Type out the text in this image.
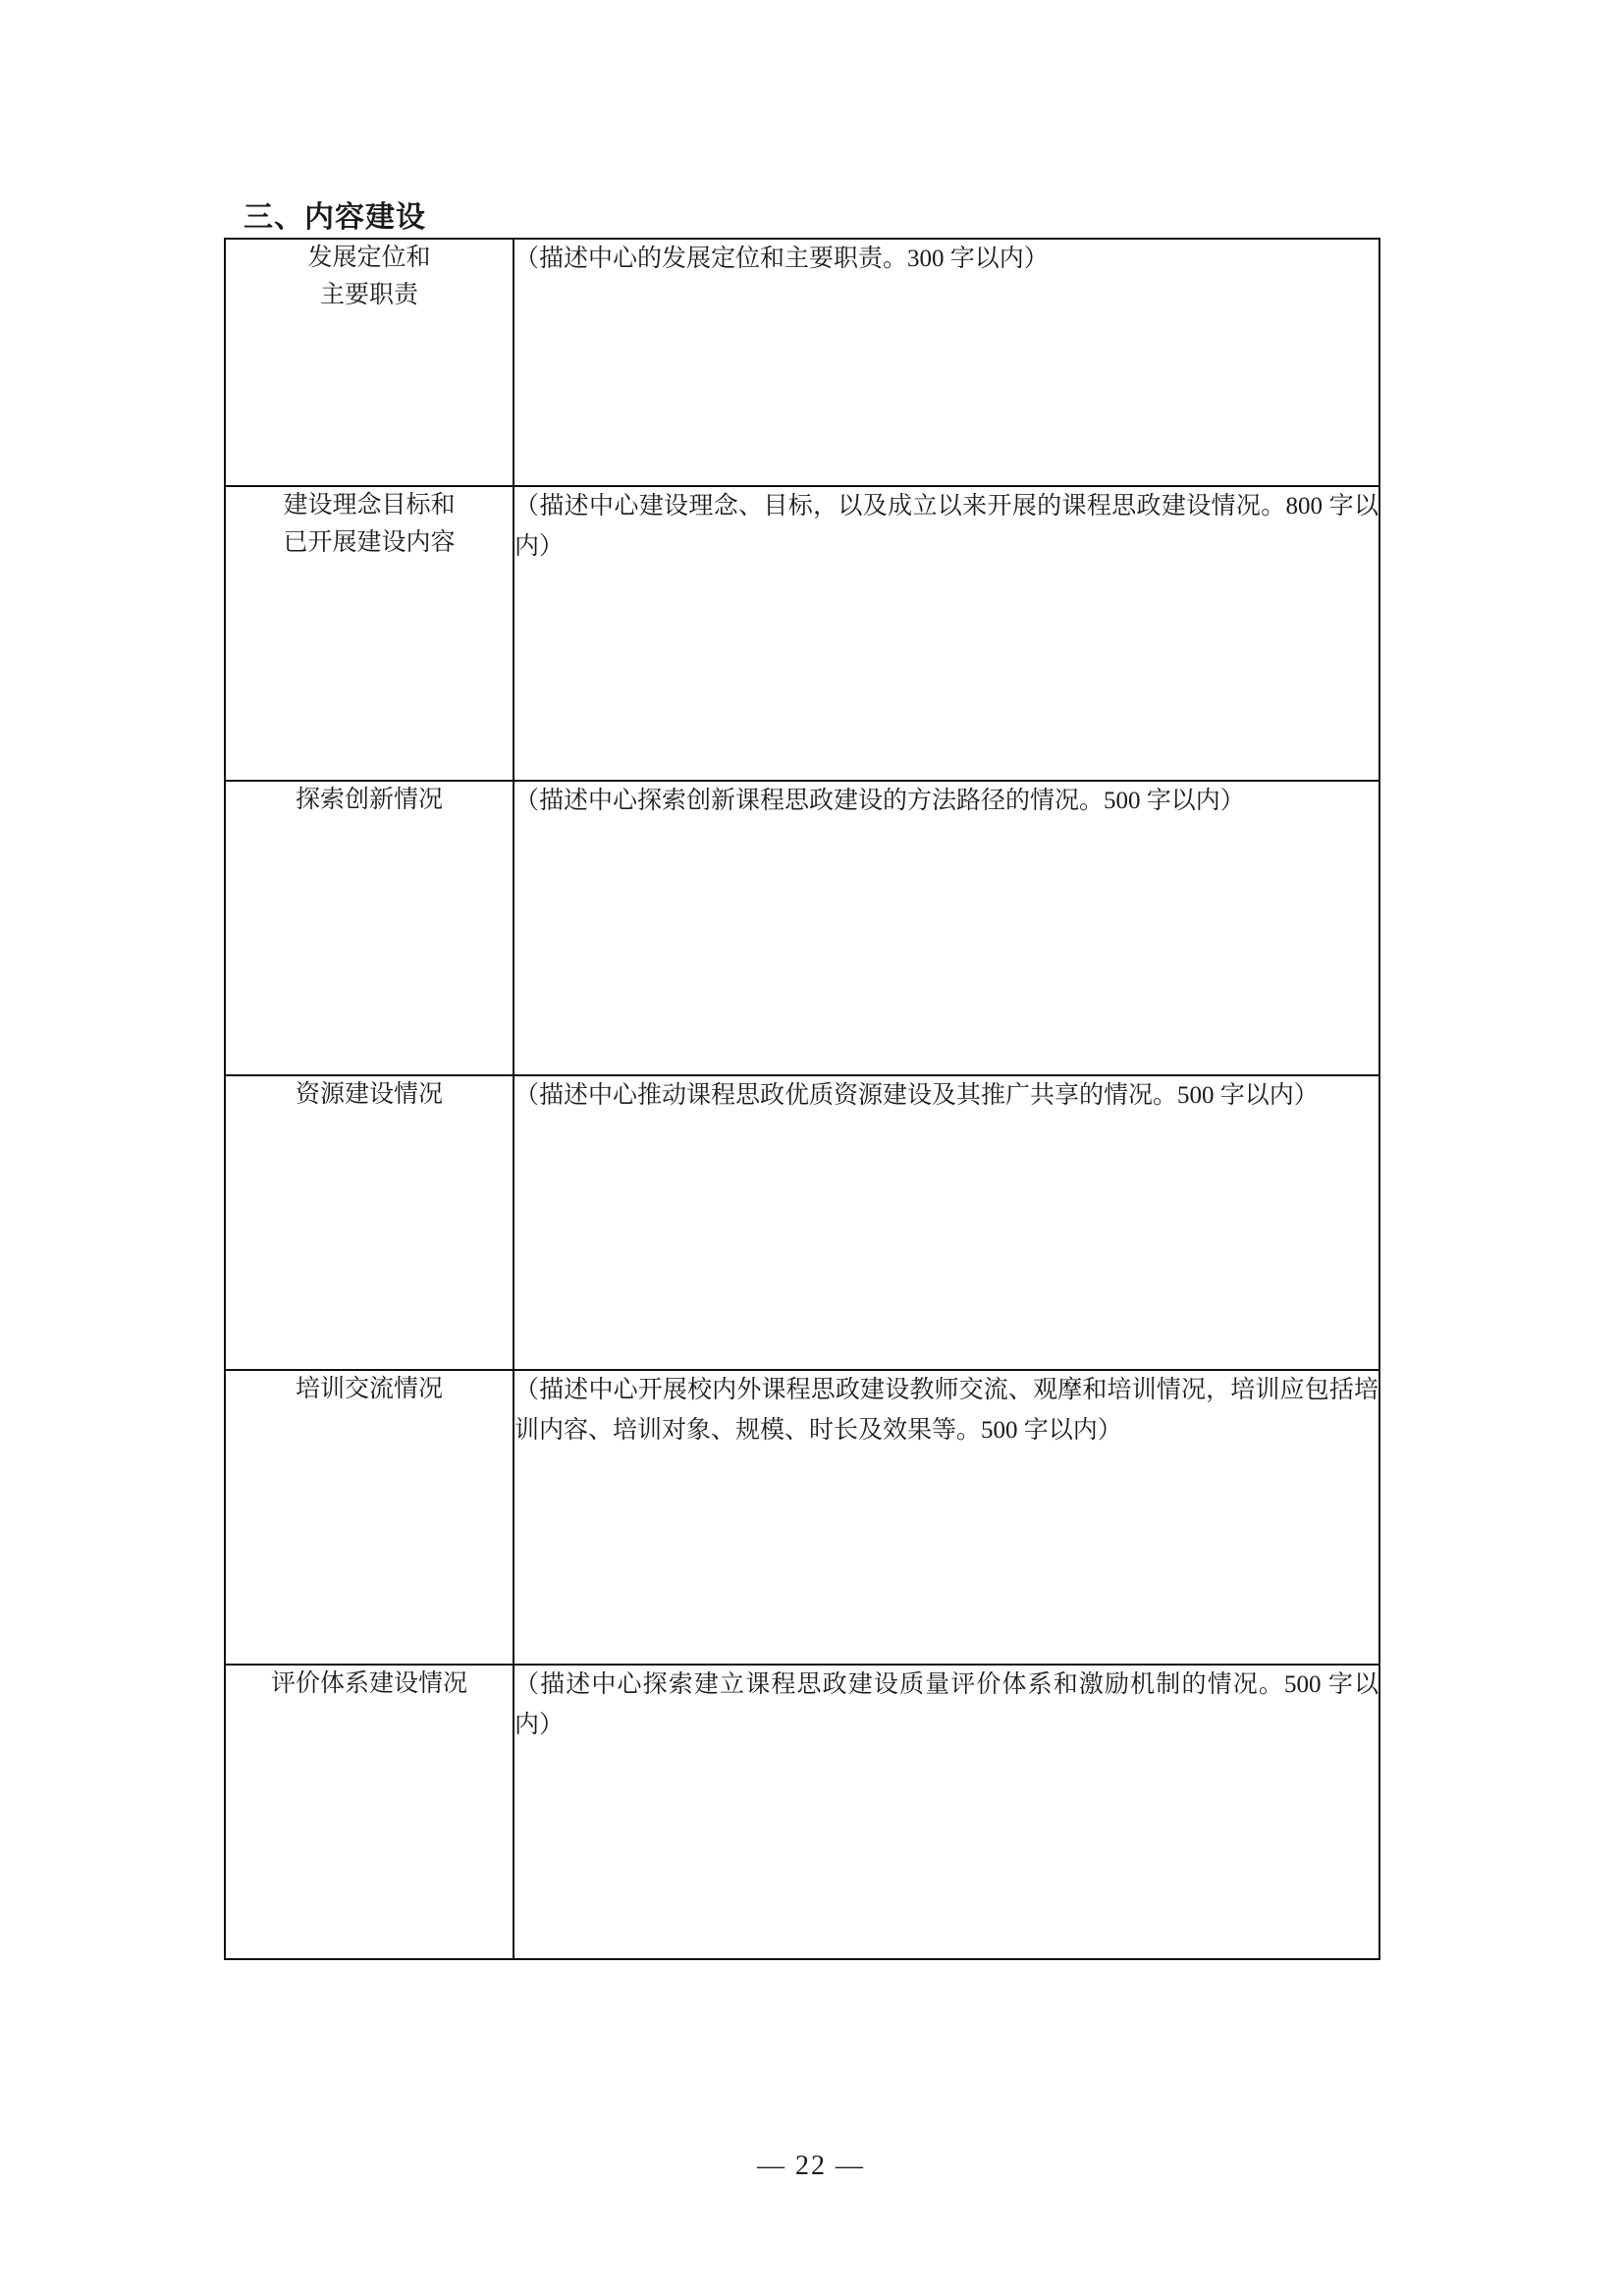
三、内容建设
发展定位和
主要职责	（描述中心的发展定位和主要职责。300 字以内）

建设理念目标和
已开展建设内容	（描述中心建设理念、目标，以及成立以来开展的课程思政建设情况。800 字以内）

探索创新情况	（描述中心探索创新课程思政建设的方法路径的情况。500 字以内）

资源建设情况	（描述中心推动课程思政优质资源建设及其推广共享的情况。500 字以内）

培训交流情况	（描述中心开展校内外课程思政建设教师交流、观摩和培训情况，培训应包括培训内容、培训对象、规模、时长及效果等。500 字以内）

评价体系建设情况	（描述中心探索建立课程思政建设质量评价体系和激励机制的情况。500 字以内）
— 22 —
